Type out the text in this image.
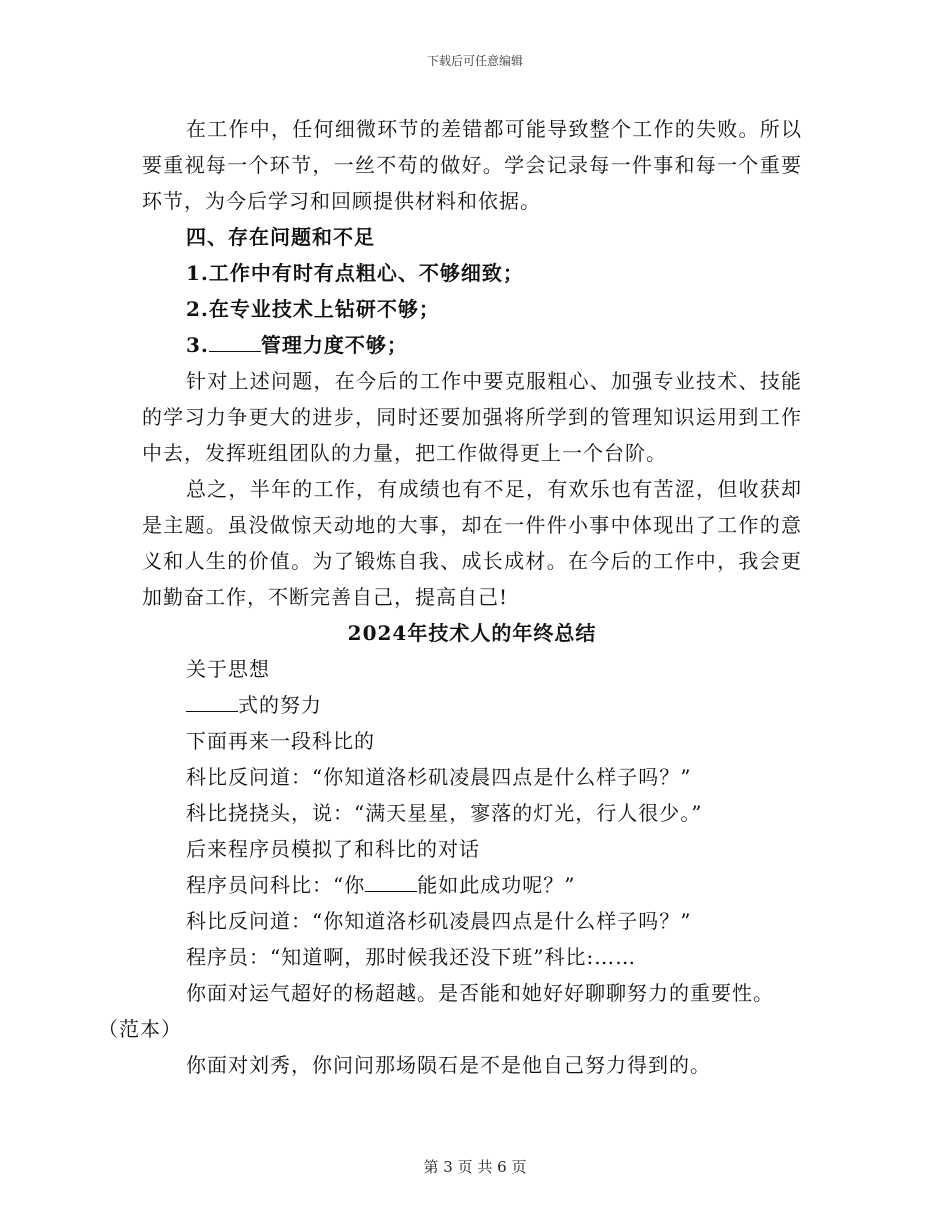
下载后可任意编辑

在工作中，任何细微环节的差错都可能导致整个工作的失败。所以要重视每一个环节，一丝不苟的做好。学会记录每一件事和每一个重要环节，为今后学习和回顾提供材料和依据。

四、存在问题和不足

1.工作中有时有点粗心、不够细致；

2.在专业技术上钻研不够；

3.	管理力度不够；

针对上述问题，在今后的工作中要克服粗心、加强专业技术、技能的学习力争更大的进步，同时还要加强将所学到的管理知识运用到工作中去，发挥班组团队的力量，把工作做得更上一个台阶。

总之，半年的工作，有成绩也有不足，有欢乐也有苦涩，但收获却是主题。虽没做惊天动地的大事，却在一件件小事中体现出了工作的意义和人生的价值。为了锻炼自我、成长成材。在今后的工作中，我会更加勤奋工作，不断完善自己，提高自己!

2024年技术人的年终总结

关于思想

式的努力

下面再来一段科比的

科比反问道：“你知道洛杉矶凌晨四点是什么样子吗？”

科比挠挠头，说：“满天星星，寥落的灯光，行人很少。”

后来程序员模拟了和科比的对话

程序员问科比：“你	能如此成功呢？”

科比反问道：“你知道洛杉矶凌晨四点是什么样子吗？”

程序员：“知道啊，那时候我还没下班”科比:……

你面对运气超好的杨超越。是否能和她好好聊聊努力的重要性。
（范本）

你面对刘秀，你问问那场陨石是不是他自己努力得到的。

第 3 页 共 6 页
